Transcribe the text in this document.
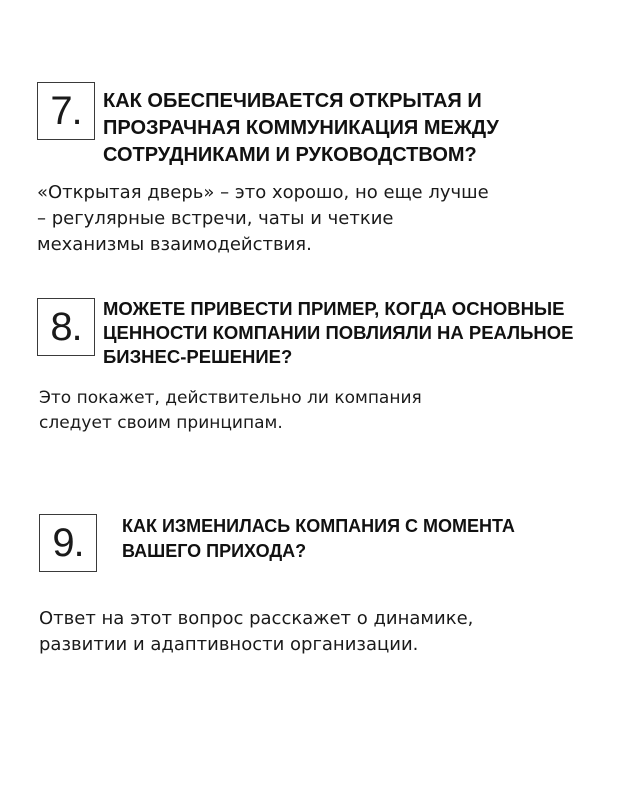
7.	КАК ОБЕСПЕЧИВАЕТСЯ ОТКРЫТАЯ И
ПРОЗРАЧНАЯ КОММУНИКАЦИЯ МЕЖДУ
СОТРУДНИКАМИ И РУКОВОДСТВОМ?

«Открытая дверь» – это хорошо, но еще лучше
– регулярные встречи, чаты и четкие
механизмы взаимодействия.

8.	МОЖЕТЕ ПРИВЕСТИ ПРИМЕР, КОГДА ОСНОВНЫЕ
ЦЕННОСТИ КОМПАНИИ ПОВЛИЯЛИ НА РЕАЛЬНОЕ
БИЗНЕС-РЕШЕНИЕ?

Это покажет, действительно ли компания
следует своим принципам.

9.	КАК ИЗМЕНИЛАСЬ КОМПАНИЯ С МОМЕНТА
ВАШЕГО ПРИХОДА?

Ответ на этот вопрос расскажет о динамике,
развитии и адаптивности организации.
